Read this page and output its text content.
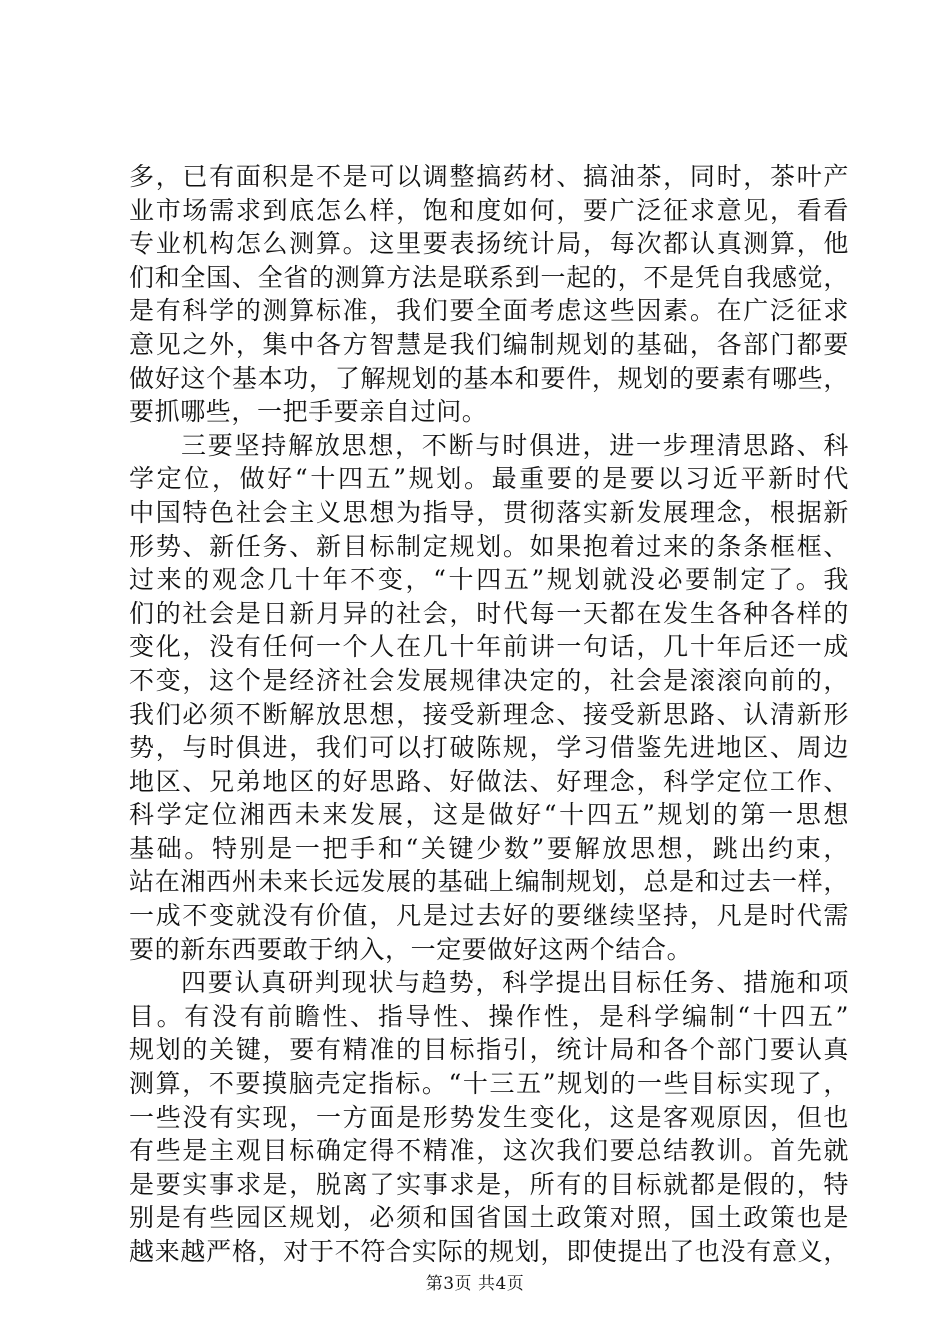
多，已有面积是不是可以调整搞药材、搞油茶，同时，茶叶产
业市场需求到底怎么样，饱和度如何，要广泛征求意见，看看
专业机构怎么测算。这里要表扬统计局，每次都认真测算，他
们和全国、全省的测算方法是联系到一起的，不是凭自我感觉，
是有科学的测算标准，我们要全面考虑这些因素。在广泛征求
意见之外，集中各方智慧是我们编制规划的基础，各部门都要
做好这个基本功，了解规划的基本和要件，规划的要素有哪些，
要抓哪些，一把手要亲自过问。
三要坚持解放思想，不断与时俱进，进一步理清思路、科
学定位，做好“十四五”规划。最重要的是要以习近平新时代
中国特色社会主义思想为指导，贯彻落实新发展理念，根据新
形势、新任务、新目标制定规划。如果抱着过来的条条框框、
过来的观念几十年不变，“十四五”规划就没必要制定了。我
们的社会是日新月异的社会，时代每一天都在发生各种各样的
变化，没有任何一个人在几十年前讲一句话，几十年后还一成
不变，这个是经济社会发展规律决定的，社会是滚滚向前的，
我们必须不断解放思想，接受新理念、接受新思路、认清新形
势，与时俱进，我们可以打破陈规，学习借鉴先进地区、周边
地区、兄弟地区的好思路、好做法、好理念，科学定位工作、
科学定位湘西未来发展，这是做好“十四五”规划的第一思想
基础。特别是一把手和“关键少数”要解放思想，跳出约束，
站在湘西州未来长远发展的基础上编制规划，总是和过去一样，
一成不变就没有价值，凡是过去好的要继续坚持，凡是时代需
要的新东西要敢于纳入，一定要做好这两个结合。
四要认真研判现状与趋势，科学提出目标任务、措施和项
目。有没有前瞻性、指导性、操作性，是科学编制“十四五”
规划的关键，要有精准的目标指引，统计局和各个部门要认真
测算，不要摸脑壳定指标。“十三五”规划的一些目标实现了，
一些没有实现，一方面是形势发生变化，这是客观原因，但也
有些是主观目标确定得不精准，这次我们要总结教训。首先就
是要实事求是，脱离了实事求是，所有的目标就都是假的，特
别是有些园区规划，必须和国省国土政策对照，国土政策也是
越来越严格，对于不符合实际的规划，即使提出了也没有意义，
第3页 共4页
